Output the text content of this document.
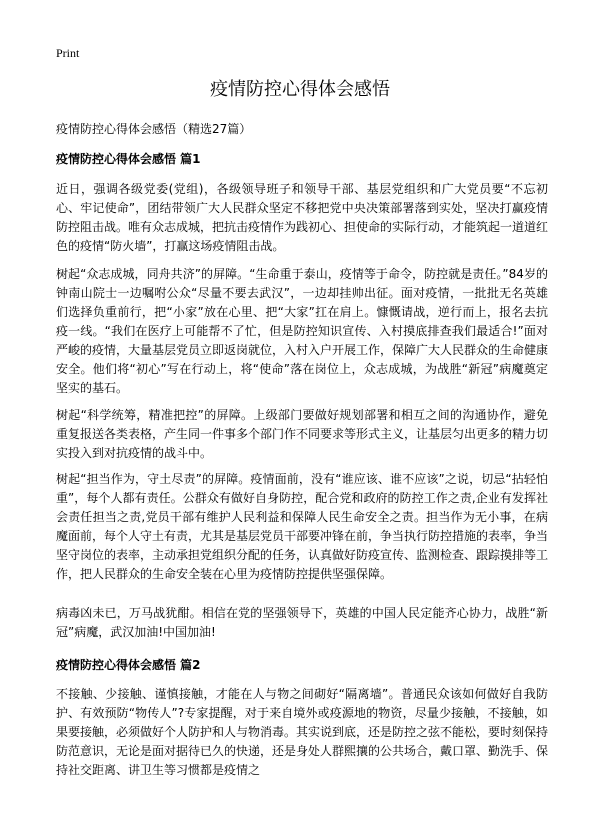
Print
疫情防控心得体会感悟
疫情防控心得体会感悟（精选27篇）
疫情防控心得体会感悟 篇1

近日，强调各级党委(党组)，各级领导班子和领导干部、基层党组织和广大党员要“不忘初心、牢记使命”，团结带领广大人民群众坚定不移把党中央决策部署落到实处，坚决打赢疫情防控阻击战。唯有众志成城，把抗击疫情作为践初心、担使命的实际行动，才能筑起一道道红色的疫情“防火墙”，打赢这场疫情阻击战。

树起“众志成城，同舟共济”的屏障。“生命重于泰山，疫情等于命令，防控就是责任。”84岁的钟南山院士一边嘱咐公众“尽量不要去武汉”，一边却挂帅出征。面对疫情，一批批无名英雄们选择负重前行，把“小家”放在心里、把“大家”扛在肩上。慷慨请战，逆行而上，报名去抗疫一线。“我们在医疗上可能帮不了忙，但是防控知识宣传、入村摸底排查我们最适合!”面对严峻的疫情，大量基层党员立即返岗就位，入村入户开展工作，保障广大人民群众的生命健康安全。他们将“初心”写在行动上，将“使命”落在岗位上，众志成城，为战胜“新冠”病魔奠定坚实的基石。

树起“科学统筹，精准把控”的屏障。上级部门要做好规划部署和相互之间的沟通协作，避免重复报送各类表格，产生同一件事多个部门作不同要求等形式主义，让基层匀出更多的精力切实投入到对抗疫情的战斗中。

树起“担当作为，守土尽责”的屏障。疫情面前，没有“谁应该、谁不应该”之说，切忌“拈轻怕重”，每个人都有责任。公群众有做好自身防控，配合党和政府的防控工作之责,企业有发挥社会责任担当之责,党员干部有维护人民利益和保障人民生命安全之责。担当作为无小事，在病魔面前，每个人守土有责，尤其是基层党员干部要冲锋在前，争当执行防控措施的表率，争当坚守岗位的表率，主动承担党组织分配的任务，认真做好防疫宣传、监测检查、跟踪摸排等工作，把人民群众的生命安全装在心里为疫情防控提供坚强保障。

病毒凶未已，万马战犹酣。相信在党的坚强领导下，英雄的中国人民定能齐心协力，战胜“新冠”病魔，武汉加油!中国加油!

疫情防控心得体会感悟 篇2

不接触、少接触、谨慎接触，才能在人与物之间砌好“隔离墙”。普通民众该如何做好自我防护、有效预防“物传人”?专家提醒，对于来自境外或疫源地的物资，尽量少接触，不接触，如果要接触，必须做好个人防护和人与物消毒。其实说到底，还是防控之弦不能松，要时刻保持防范意识，无论是面对据待已久的快递，还是身处人群熙攘的公共场合，戴口罩、勤洗手、保持社交距离、讲卫生等习惯都是疫情之
